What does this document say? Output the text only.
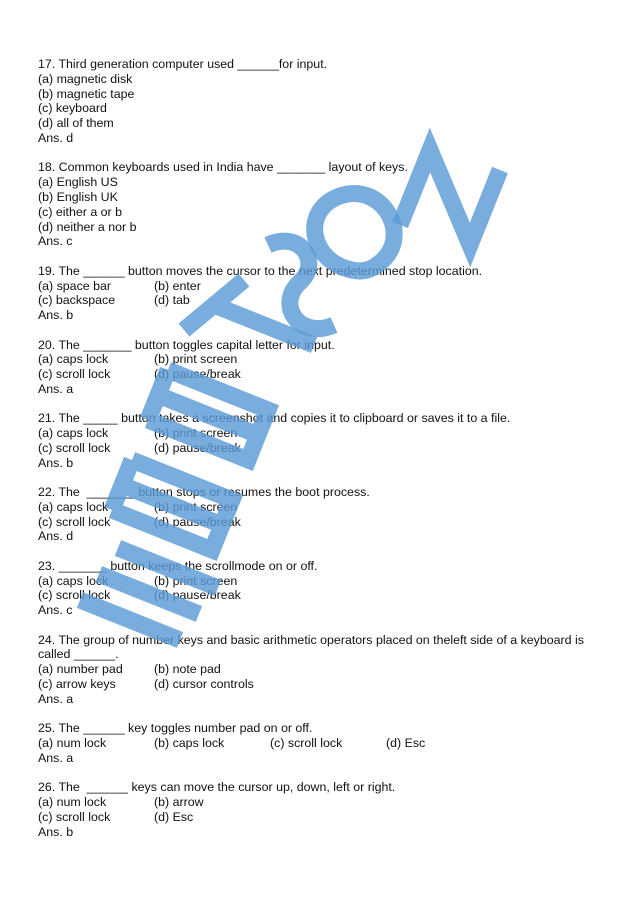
17. Third generation computer used ______for input.
(a) magnetic disk
(b) magnetic tape
(c) keyboard
(d) all of them
Ans. d
18. Common keyboards used in India have _______ layout of keys.
(a) English US
(b) English UK
(c) either a or b
(d) neither a nor b
Ans. c
19. The ______ button moves the cursor to the next predetermined stop location.
(a) space bar	(b) enter
(c) backspace	(d) tab
Ans. b
20. The _______ button toggles capital letter for input.
(a) caps lock	(b) print screen
(c) scroll lock	(d) pause/break
Ans. a
21. The _____ button takes a screenshot and copies it to clipboard or saves it to a file.
(a) caps lock	(b) print screen
(c) scroll lock	(d) pause/break
Ans. b
22. The  _______ button stops or resumes the boot process.
(a) caps lock	(b) print screen
(c) scroll lock	(d) pause/break
Ans. d
23. _______ button keeps the scrollmode on or off.
(a) caps lock	(b) print screen
(c) scroll lock	(d) pause/break
Ans. c
24. The group of number keys and basic arithmetic operators placed on theleft side of a keyboard is called ______.
(a) number pad	(b) note pad
(c) arrow keys	(d) cursor controls
Ans. a
25. The ______ key toggles number pad on or off.
(a) num lock	(b) caps lock	(c) scroll lock	(d) Esc
Ans. a
26. The  ______ keys can move the cursor up, down, left or right.
(a) num lock	(b) arrow
(c) scroll lock	(d) Esc
Ans. b
